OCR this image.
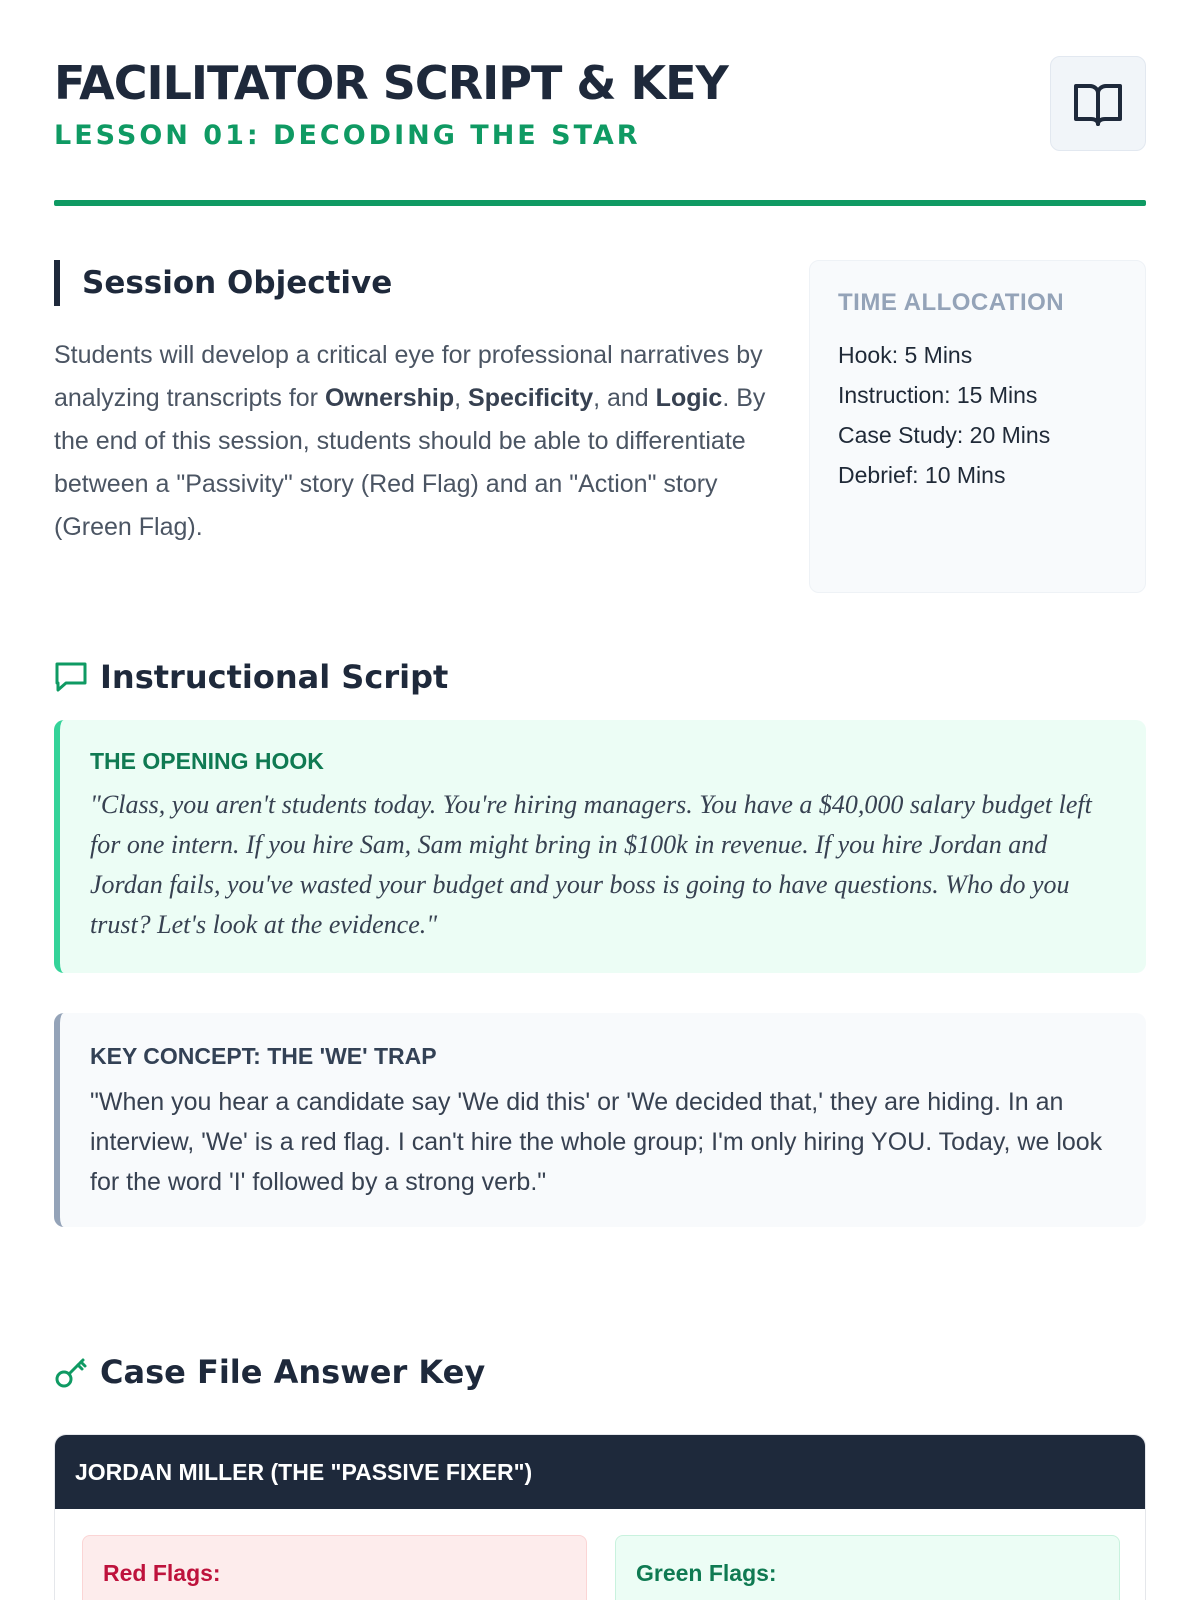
FACILITATOR SCRIPT & KEY
LESSON 01: DECODING THE STAR
Session Objective

Students will develop a critical eye for professional narratives by analyzing transcripts for Ownership, Specificity, and Logic. By the end of this session, students should be able to differentiate between a "Passivity" story (Red Flag) and an "Action" story (Green Flag).

TIME ALLOCATION
Hook: 5 Mins
Instruction: 15 Mins
Case Study: 20 Mins
Debrief: 10 Mins
Instructional Script
THE OPENING HOOK

"Class, you aren't students today. You're hiring managers. You have a $40,000 salary budget left for one intern. If you hire Sam, Sam might bring in $100k in revenue. If you hire Jordan and Jordan fails, you've wasted your budget and your boss is going to have questions. Who do you trust? Let's look at the evidence."

KEY CONCEPT: THE 'WE' TRAP

"When you hear a candidate say 'We did this' or 'We decided that,' they are hiding. In an interview, 'We' is a red flag. I can't hire the whole group; I'm only hiring YOU. Today, we look for the word 'I' followed by a strong verb."

Case File Answer Key
JORDAN MILLER (THE "PASSIVE FIXER")
Red Flags:	Green Flags:
